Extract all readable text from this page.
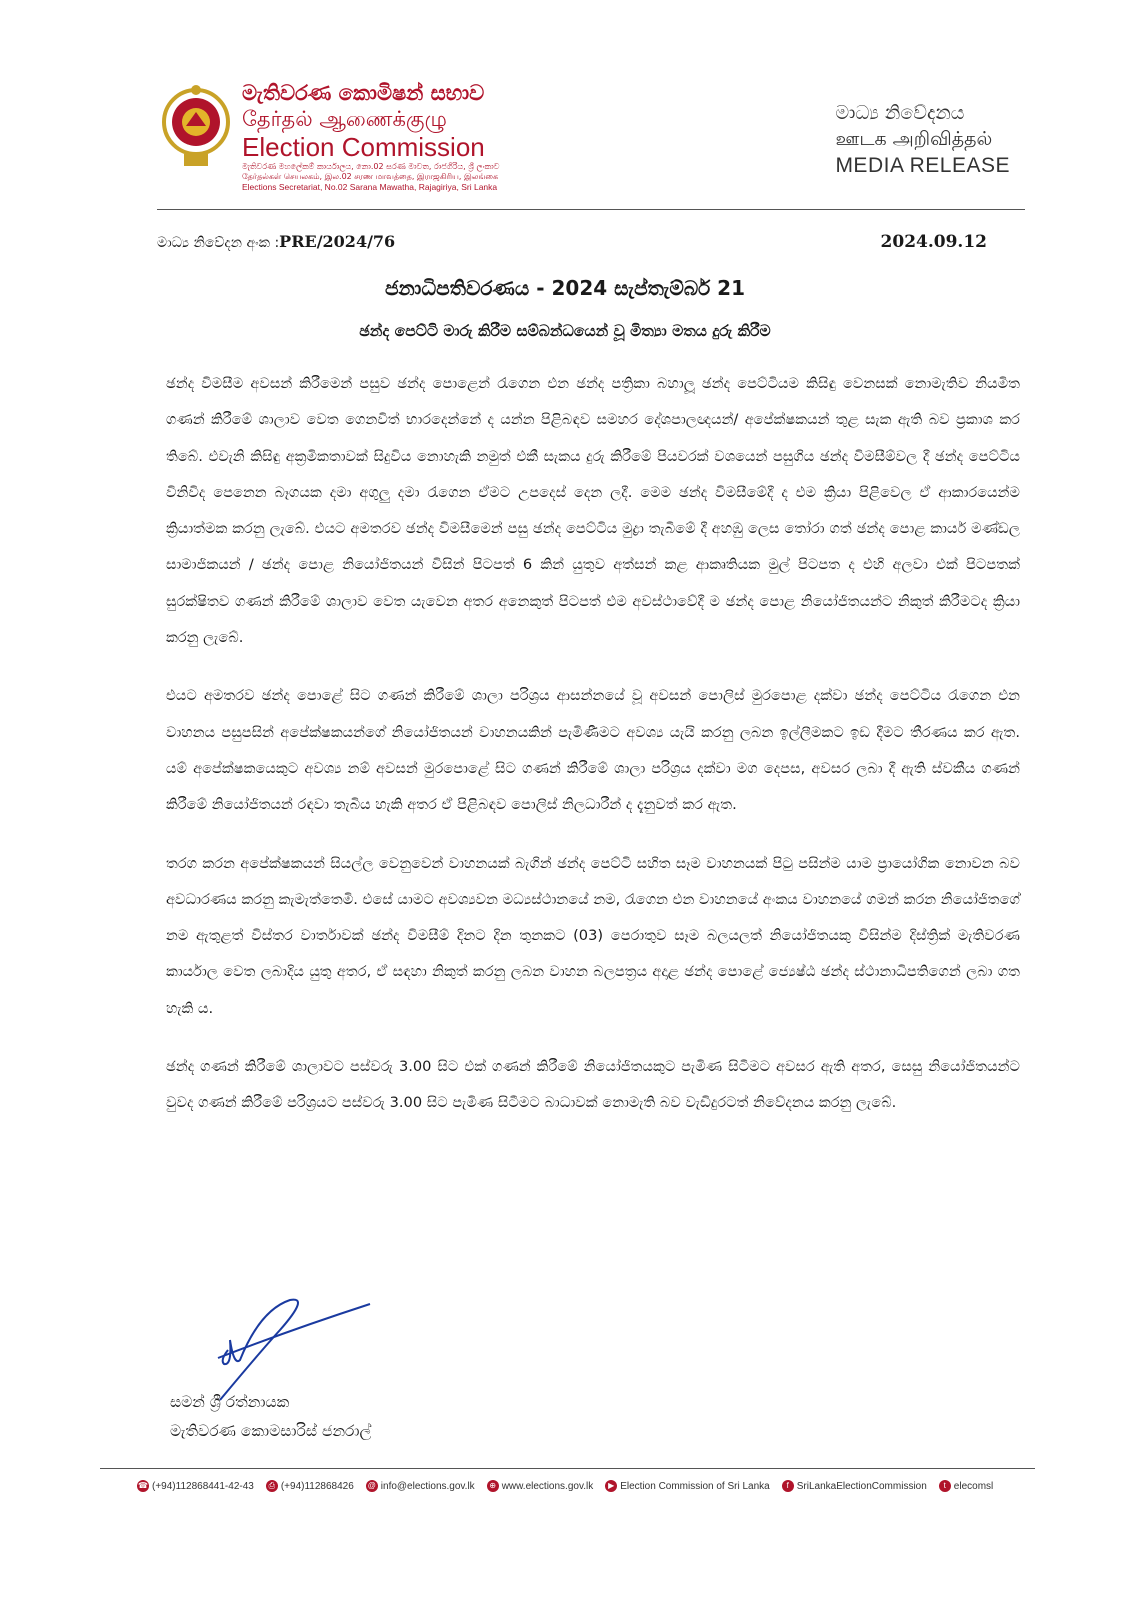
මැතිවරණ කොමිෂන් සභාව
தேர்தல் ஆணைக்குழு
Election Commission
මැතිවරණ මහලේකම් කාර්යාලය, නො.02 සරණ මාවත, රාජගිරිය, ශ්‍රී ලංකාව
தேர்தல்கள் செயலகம், இல.02 சரண மாவத்தை, இராஜகிரிய, இலங்கை
Elections Secretariat, No.02 Sarana Mawatha, Rajagiriya, Sri Lanka
මාධ්‍ය නිවේදනය
ஊடக அறிவித்தல்
MEDIA RELEASE
මාධ්‍ය නිවේදන අංක :PRE/2024/76	2024.09.12
ජනාධිපතිවරණය - 2024 සැප්තැම්බර් 21
ඡන්ද පෙට්ටි මාරු කිරීම සම්බන්ධයෙන් වූ මිත්‍යා මතය දුරු කිරීම

ඡන්ද විමසීම අවසන් කිරීමෙන් පසුව ඡන්ද පොළෙන් රැගෙන එන ඡන්ද පත්‍රිකා බහාලූ ඡන්ද පෙට්ටියම කිසිඳු වෙනසක් නොමැතිව නියමිත ගණන් කිරීමේ ශාලාව වෙත ගෙනවිත් භාරදෙන්නේ ද යන්න පිළිබඳව සමහර දේශපාලඥයන්/ අපේක්ෂකයන් තුළ සැක ඇති බව ප්‍රකාශ කර තිබේ. එවැනි කිසිඳු අක්‍රමිකතාවක් සිදුවිය නොහැකි නමුත් එකී සැකය දුරු කිරීමේ පියවරක් වශයෙන් පසුගිය ඡන්ද විමසීම්වල දී ඡන්ද පෙට්ටිය විනිවිද පෙනෙන බෑගයක දමා අගුලු දමා රැගෙන ඒමට උපදෙස් දෙන ලදී. මෙම ඡන්ද විමසීමේදී ද එම ක්‍රියා පිළිවෙල ඒ ආකාරයෙන්ම ක්‍රියාත්මක කරනු ලැබේ. එයට අමතරව ඡන්ද විමසීමෙන් පසු ඡන්ද පෙට්ටිය මුද්‍රා තැබීමේ දී අහඹු ලෙස තෝරා ගත් ඡන්ද පොළ කාර්ය මණ්ඩල සාමාජිකයන් / ඡන්ද පොළ නියෝජිතයන් විසින් පිටපත් 6 කින් යුතුව අත්සන් කළ ආකෘතියක මුල් පිටපත ද එහි අලවා එක් පිටපතක් සුරක්ෂිතව ගණන් කිරීමේ ශාලාව වෙත යැවෙන අතර අනෙකුත් පිටපත් එම අවස්ථාවේදී ම ඡන්ද පොළ නියෝජිතයන්ට නිකුත් කිරීමටද ක්‍රියා කරනු ලැබේ.

එයට අමතරව ඡන්ද පොළේ සිට ගණන් කිරීමේ ශාලා පරිශ්‍රය ආසන්නයේ වූ අවසන් පොලිස් මුරපොළ දක්වා ඡන්ද පෙට්ටිය රැගෙන එන වාහනය පසුපසින් අපේක්ෂකයන්ගේ නියෝජිතයන් වාහනයකින් පැමිණීමට අවශ්‍ය යැයි කරනු ලබන ඉල්ලීමකට ඉඩ දීමට තීරණය කර ඇත. යම් අපේක්ෂකයෙකුට අවශ්‍ය නම් අවසන් මුරපොළේ සිට ගණන් කිරීමේ ශාලා පරිශ්‍රය දක්වා මග දෙපස, අවසර ලබා දී ඇති ස්වකීය ගණන් කිරීමේ නියෝජිතයන් රඳවා තැබිය හැකි අතර ඒ පිළිබඳව පොලිස් නිලධාරීන් ද දැනුවත් කර ඇත.

තරග කරන අපේක්ෂකයන් සියල්ල වෙනුවෙන් වාහනයක් බැගින් ඡන්ද පෙට්ටි සහිත සෑම වාහනයක් පිටු පසින්ම යාම ප්‍රායෝගික නොවන බව අවධාරණය කරනු කැමැත්තෙමි. එසේ යාමට අවශ්‍යවන මධ්‍යස්ථානයේ නම, රැගෙන එන වාහනයේ අංකය වාහනයේ ගමන් කරන නියෝජිතගේ නම ඇතුළත් විස්තර වාර්තාවක් ඡන්ද විමසීම් දිනට දින තුනකට (03) පෙරාතුව සෑම බලයලත් නියෝජිතයකු විසින්ම දිස්ත්‍රික් මැතිවරණ කාර්යාල වෙත ලබාදිය යුතු අතර, ඒ සඳහා නිකුත් කරනු ලබන වාහන බලපත්‍රය අදාළ ඡන්ද පොළේ ජ්‍යෙෂ්ඨ ඡන්ද ස්ථානාධිපතිගෙන් ලබා ගත හැකි ය.

ඡන්ද ගණන් කිරීමේ ශාලාවට පස්වරු 3.00 සිට එක් ගණන් කිරීමේ නියෝජිතයකුට පැමිණ සිටීමට අවසර ඇති අතර, සෙසු නියෝජිතයන්ට වුවද ගණන් කිරීමේ පරිශ්‍රයට පස්වරු 3.00 සිට පැමිණ සිටීමට බාධාවක් නොමැති බව වැඩිදුරටත් නිවේදනය කරනු ලැබේ.

සමන් ශ්‍රී රත්නායක
මැතිවරණ කොමසාරිස් ජනරාල්
☎ (+94)112868441-42-43	⎙ (+94)112868426 @ info@elections.gov.lk	⊕ www.elections.gov.lk	▶ Election Commission of Sri Lanka	f SriLankaElectionCommission	t elecomsl
